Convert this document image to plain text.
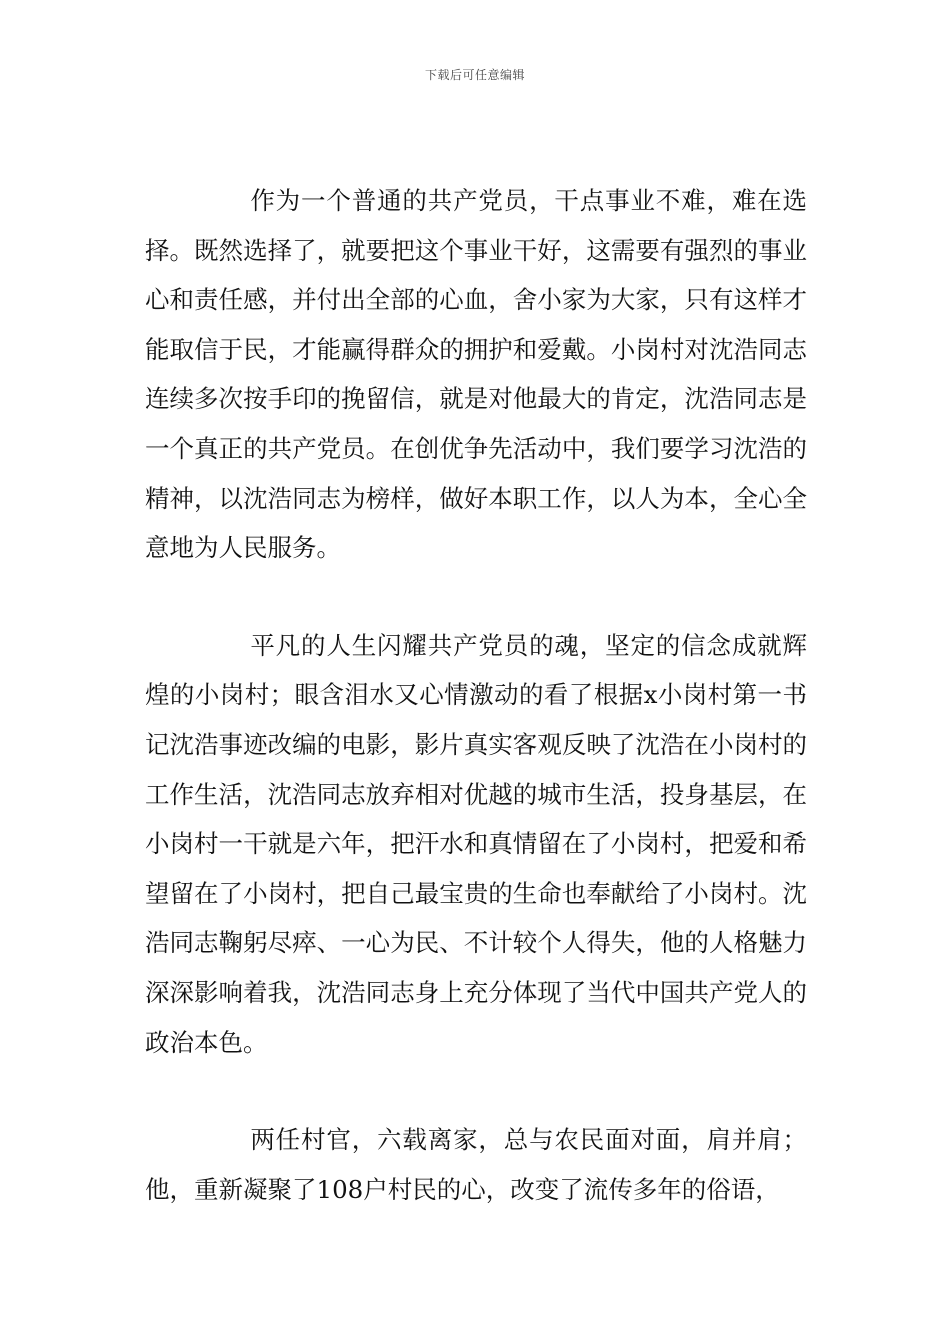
下载后可任意编辑

作为一个普通的共产党员，干点事业不难，难在选择。既然选择了，就要把这个事业干好，这需要有强烈的事业心和责任感，并付出全部的心血，舍小家为大家，只有这样才能取信于民，才能赢得群众的拥护和爱戴。小岗村对沈浩同志连续多次按手印的挽留信，就是对他最大的肯定，沈浩同志是一个真正的共产党员。在创优争先活动中，我们要学习沈浩的精神，以沈浩同志为榜样，做好本职工作，以人为本，全心全意地为人民服务。

平凡的人生闪耀共产党员的魂，坚定的信念成就辉煌的小岗村；眼含泪水又心情激动的看了根据x小岗村第一书记沈浩事迹改编的电影，影片真实客观反映了沈浩在小岗村的工作生活，沈浩同志放弃相对优越的城市生活，投身基层，在小岗村一干就是六年，把汗水和真情留在了小岗村，把爱和希望留在了小岗村，把自己最宝贵的生命也奉献给了小岗村。沈浩同志鞠躬尽瘁、一心为民、不计较个人得失，他的人格魅力深深影响着我，沈浩同志身上充分体现了当代中国共产党人的政治本色。

两任村官，六载离家，总与农民面对面，肩并肩；他，重新凝聚了108户村民的心，改变了流传多年的俗语，
